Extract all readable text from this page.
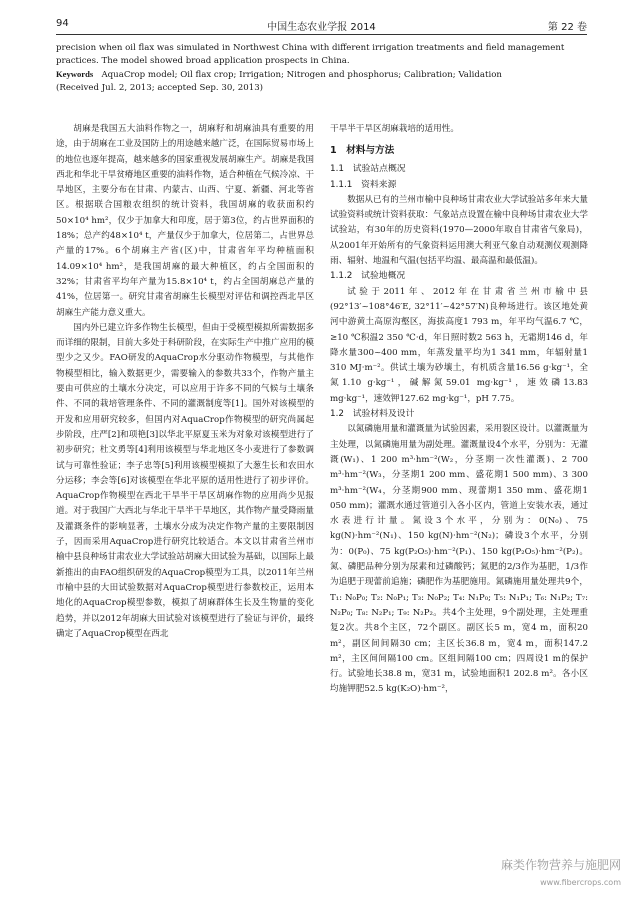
94	中国生态农业学报 2014	第 22 卷

precision when oil flax was simulated in Northwest China with different irrigation treatments and field management practices. The model showed broad application prospects in China.

Keywords AquaCrop model; Oil flax crop; Irrigation; Nitrogen and phosphorus; Calibration; Validation

(Received Jul. 2, 2013; accepted Sep. 30, 2013)

胡麻是我国五大油料作物之一，胡麻籽和胡麻油具有重要的用途，由于胡麻在工业及国防上的用途越来越广泛，在国际贸易市场上的地位也逐年提高，越来越多的国家重视发展胡麻生产。胡麻是我国西北和华北干旱贫瘠地区重要的油料作物，适合种植在气候冷凉、干旱地区，主要分布在甘肃、内蒙古、山西、宁夏、新疆、河北等省区。根据联合国粮农组织的统计资料，我国胡麻的收获面积约50×10⁴ hm²，仅少于加拿大和印度，居于第3位，约占世界面积的18%；总产约48×10⁴ t，产量仅少于加拿大，位居第二，占世界总产量的17%。6个胡麻主产省(区)中，甘肃省年平均种植面积14.09×10⁴ hm²，是我国胡麻的最大种植区，约占全国面积的32%；甘肃省平均年产量为15.8×10⁴ t，约占全国胡麻总产量的41%，位居第一。研究甘肃省胡麻生长模型对评估和调控西北旱区胡麻生产能力意义重大。

国内外已建立许多作物生长模型，但由于受模型模拟所需数据多而详细的限制，目前大多处于科研阶段，在实际生产中推广应用的模型少之又少。FAO研发的AquaCrop水分驱动作物模型，与其他作物模型相比，输入数据更少，需要输入的参数共33个，作物产量主要由可供应的土壤水分决定，可以应用于许多不同的气候与土壤条件、不同的栽培管理条件、不同的灌溉制度等[1]。国外对该模型的开发和应用研究较多，但国内对AquaCrop作物模型的研究尚属起步阶段，庄严[2]和项艳[3]以华北平原夏玉米为对象对该模型进行了初步研究；杜文勇等[4]利用该模型与华北地区冬小麦进行了参数调试与可靠性验证；李子忠等[5]利用该模型模拟了大葱生长和农田水分运移；李会等[6]对该模型在华北平原的适用性进行了初步评价。AquaCrop作物模型在西北干旱半干旱区胡麻作物的应用尚少见报道。对于我国广大西北与华北干旱半干旱地区，其作物产量受降雨量及灌溉条件的影响显著，土壤水分成为决定作物产量的主要限制因子，因而采用AquaCrop进行研究比较适合。本文以甘肃省兰州市榆中县良种场甘肃农业大学试验站胡麻大田试验为基础，以国际上最新推出的由FAO组织研发的AquaCrop模型为工具，以2011年兰州市榆中县的大田试验数据对AquaCrop模型进行参数校正，运用本地化的AquaCrop模型参数，模拟了胡麻群体生长及生物量的变化趋势，并以2012年胡麻大田试验对该模型进行了验证与评价，最终确定了AquaCrop模型在西北

干旱半干旱区胡麻栽培的适用性。

1　材料与方法
1.1　试验站点概况
1.1.1　资料来源

数据从已有的兰州市榆中良种场甘肃农业大学试验站多年来大量试验资料或统计资料获取：气象站点设置在榆中良种场甘肃农业大学试验站，有30年的历史资料(1970—2000年取自甘肃省气象局)，从2001年开始所有的气象资料运用澳大利亚气象自动观测仪观测降雨、辐射、地温和气温(包括平均温、最高温和最低温)。

1.1.2　试验地概况

试验于2011年、2012年在甘肃省兰州市榆中县(92°13′~108°46′E, 32°11′~42°57′N)良种场进行。该区地处黄河中游黄土高原沟壑区，海拔高度1 793 m，年平均气温6.7 ℃，≥10 ℃积温2 350 ℃·d，年日照时数2 563 h，无霜期146 d，年降水量300~400 mm，年蒸发量平均为1 341 mm，年辐射量1 310 MJ·m⁻²。供试土壤为砂壤土，有机质含量16.56 g·kg⁻¹，全氮1.10 g·kg⁻¹，碱解氮59.01 mg·kg⁻¹，速效磷13.83 mg·kg⁻¹，速效钾127.62 mg·kg⁻¹，pH 7.75。

1.2　试验材料及设计

以氮磷施用量和灌溉量为试验因素，采用裂区设计。以灌溉量为主处理，以氮磷施用量为副处理。灌溉量设4个水平，分别为：无灌溉(W₁)、1 200 m³·hm⁻²(W₂，分茎期一次性灌溉)、2 700 m³·hm⁻²(W₃，分茎期1 200 mm、盛花期1 500 mm)、3 300 m³·hm⁻²(W₄，分茎期900 mm、现蕾期1 350 mm、盛花期1 050 mm)；灌溉水通过管道引入各小区内，管道上安装水表，通过水表进行计量。氮设3个水平，分别为：0(N₀)、75 kg(N)·hm⁻²(N₁)、150 kg(N)·hm⁻²(N₂)；磷设3个水平，分别为：0(P₀)、75 kg(P₂O₅)·hm⁻²(P₁)、150 kg(P₂O₅)·hm⁻²(P₂)。氮、磷肥品种分别为尿素和过磷酸钙；氮肥的2/3作为基肥，1/3作为追肥于现蕾前追施；磷肥作为基肥施用。氮磷施用量处理共9个，T₁: N₀P₀; T₂: N₀P₁; T₃: N₀P₂; T₄: N₁P₀; T₅: N₁P₁; T₆: N₁P₂; T₇: N₂P₀; T₈: N₂P₁; T₉: N₂P₂。共4个主处理，9个副处理，主处理重复2次。共8个主区，72个副区。副区长5 m，宽4 m，面积20 m²，副区间间隔30 cm；主区长36.8 m，宽4 m，面积147.2 m²，主区间间隔100 cm。区组间隔100 cm；四周设1 m的保护行。试验地长38.8 m，宽31 m，试验地面积1 202.8 m²。各小区均施钾肥52.5 kg(K₂O)·hm⁻²，

麻类作物营养与施肥网
www.fibercrops.com
